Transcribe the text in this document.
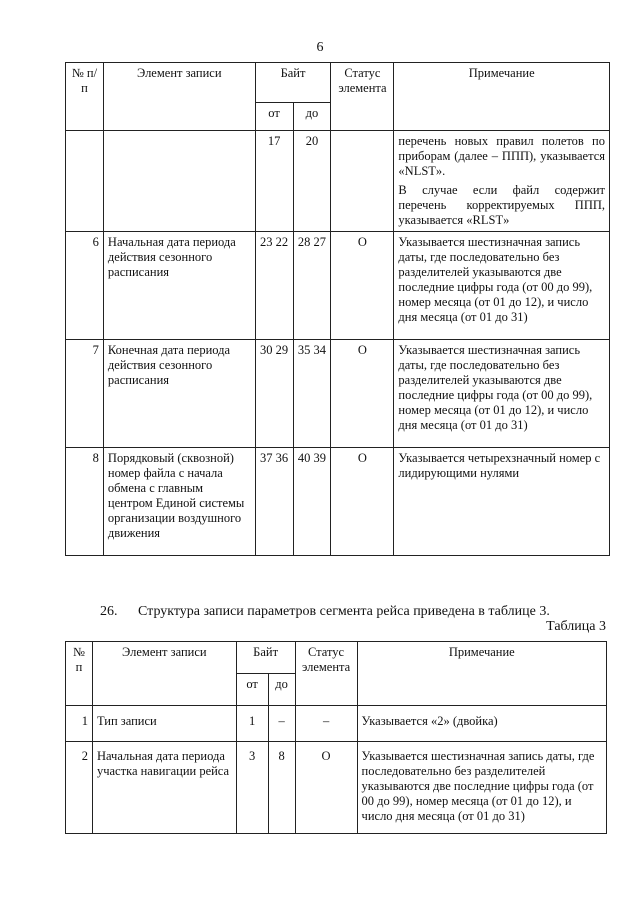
6
№ п/п	Элемент записи	Байт		Статус элемента	Примечание
		от	до		
		17	20		перечень новых правил полетов по приборам (далее – ППП), указывается «NLST».

В случае если файл содержит перечень корректируемых ППП, указывается «RLST»

6	Начальная дата периода действия сезонного расписания	23 22	28 27	О	Указывается шестизначная запись даты, где последовательно без разделителей указываются две последние цифры года (от 00 до 99), номер месяца (от 01 до 12), и число дня месяца (от 01 до 31)
7	Конечная дата периода действия сезонного расписания	30 29	35 34	О	Указывается шестизначная запись даты, где последовательно без разделителей указываются две последние цифры года (от 00 до 99), номер месяца (от 01 до 12), и число дня месяца (от 01 до 31)
8	Порядковый (сквозной) номер файла с начала обмена с главным центром Единой системы организации воздушного движения	37 36	40 39	О	Указывается четырехзначный номер с лидирующими нулями
26. Структура записи параметров сегмента рейса приведена в таблице 3.
Таблица 3
№ п	Элемент записи	Байт		Статус элемента	Примечание
		от	до		
1	Тип записи	1	–	–	Указывается «2» (двойка)
2	Начальная дата периода участка навигации рейса	3	8	О	Указывается шестизначная запись даты, где последовательно без разделителей указываются две последние цифры года (от 00 до 99), номер месяца (от 01 до 12), и число дня месяца (от 01 до 31)
